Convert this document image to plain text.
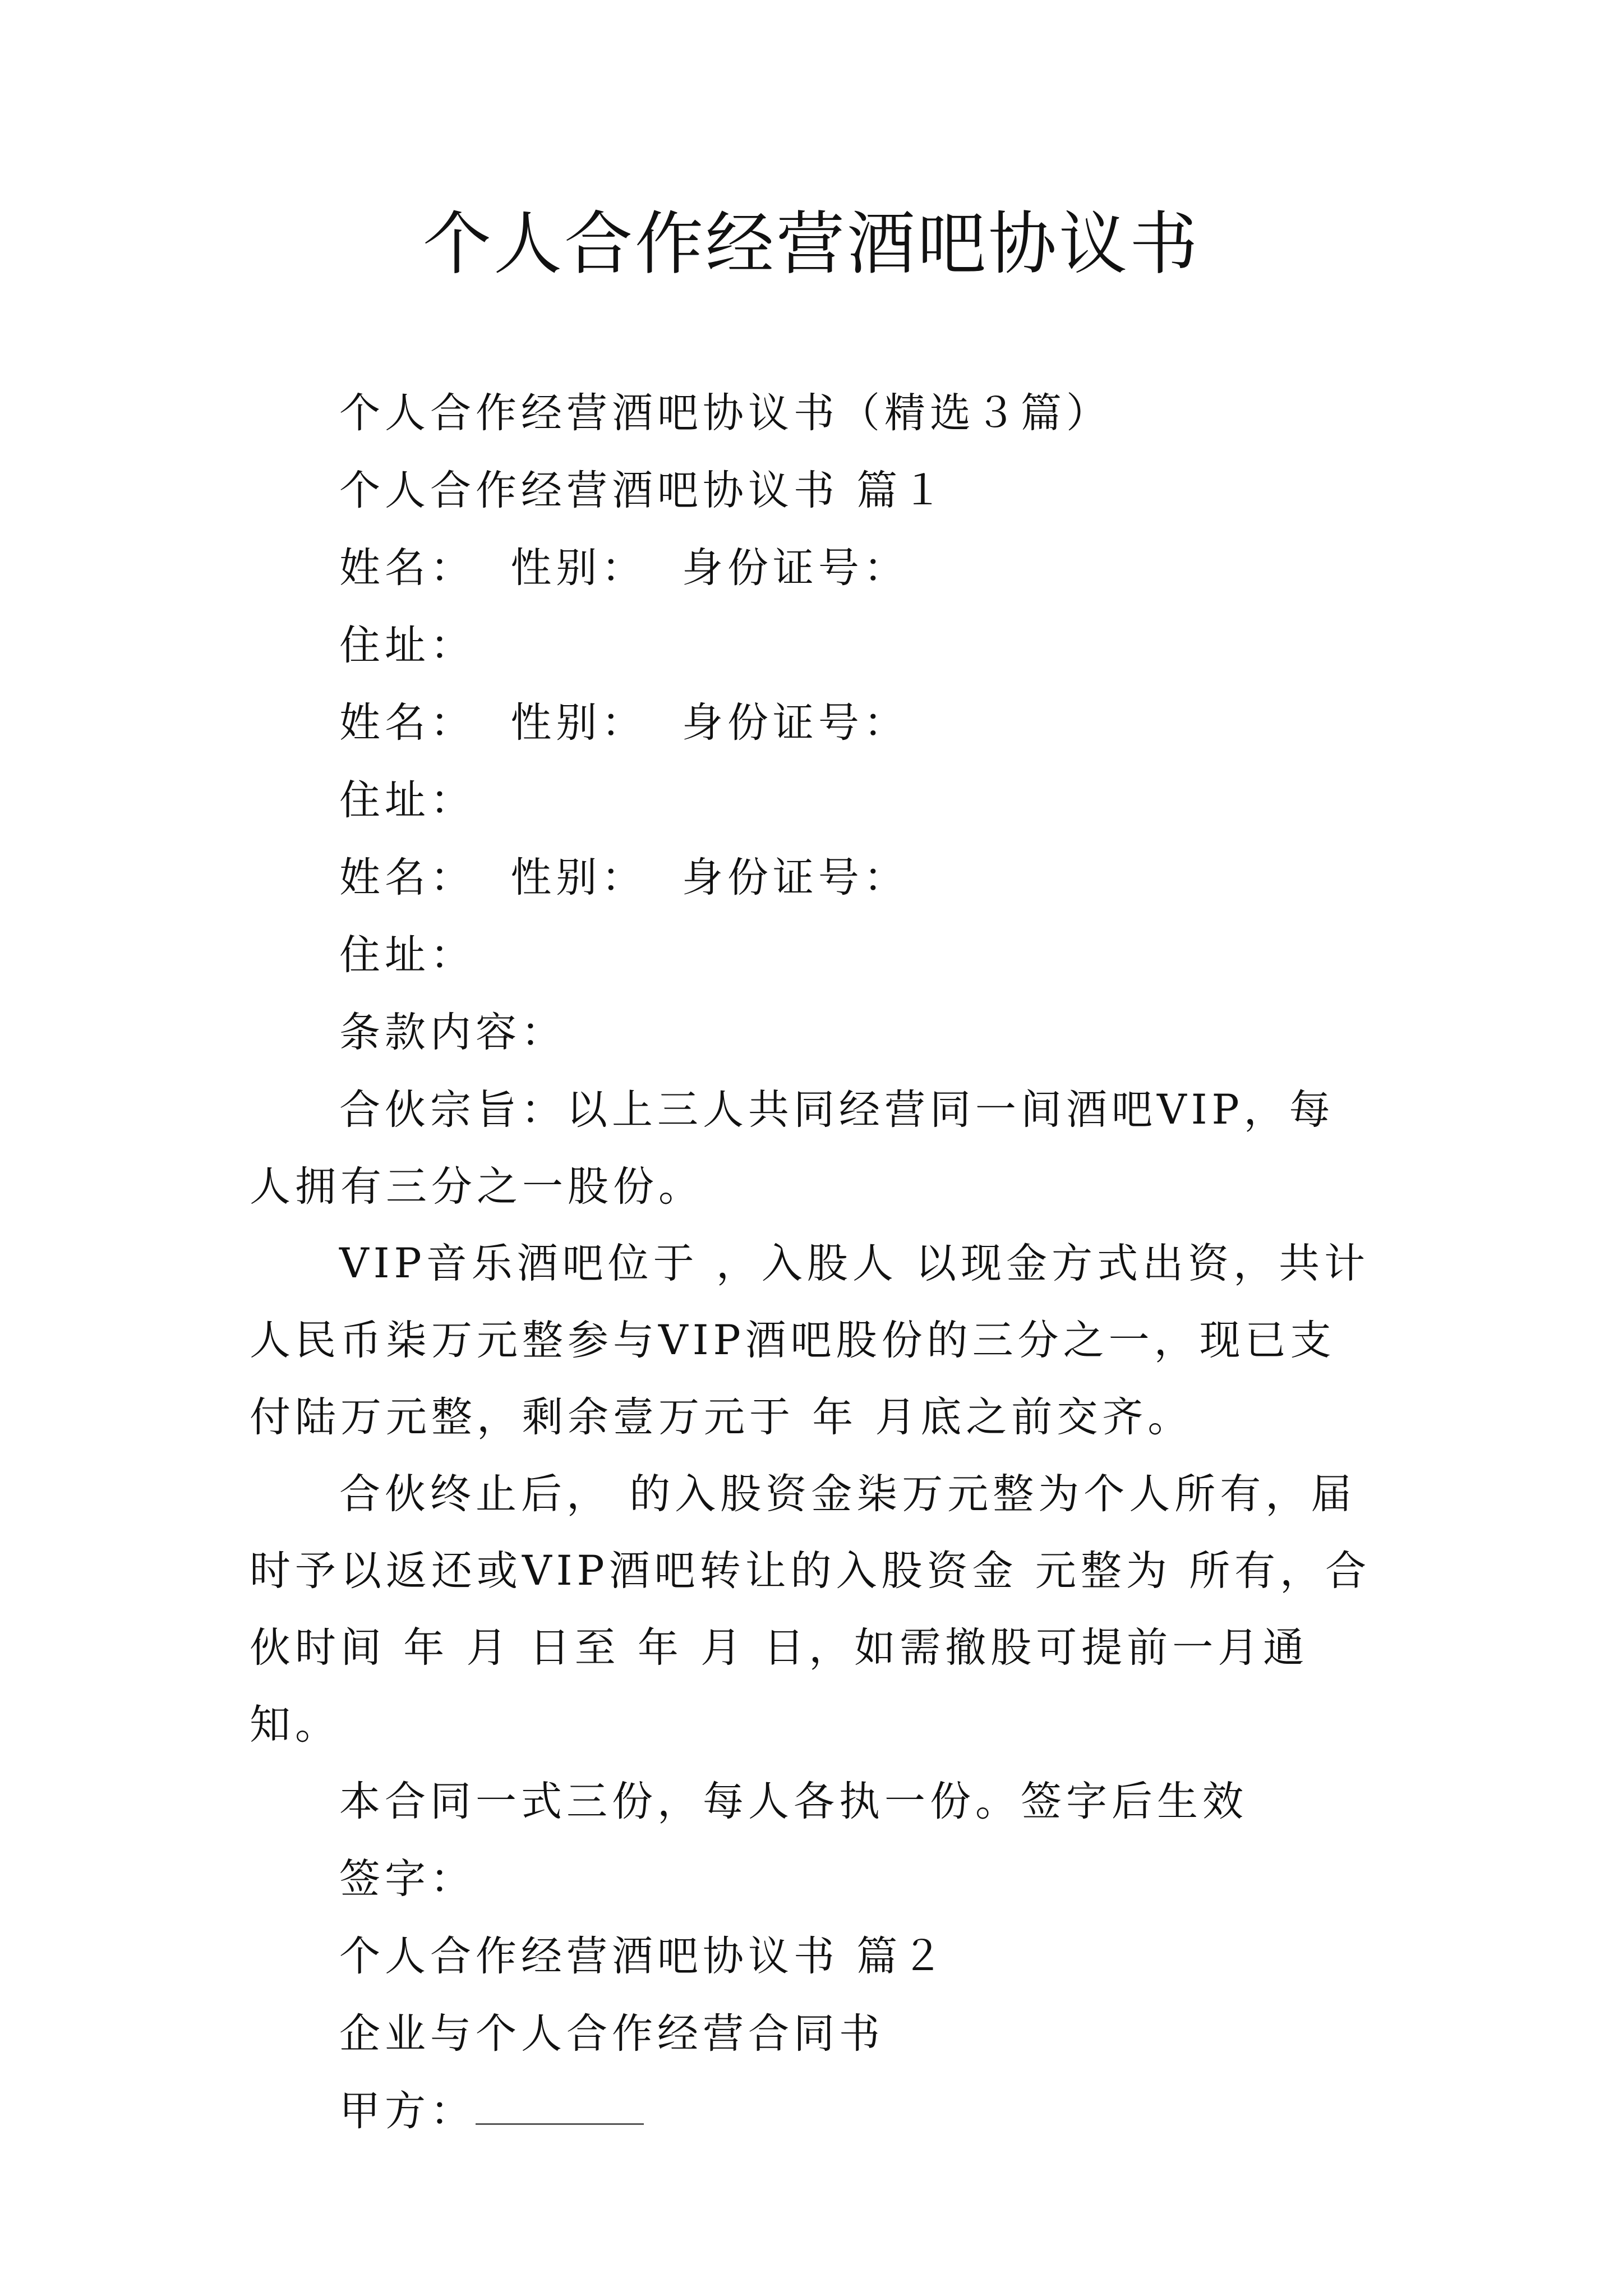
个人合作经营酒吧协议书
个人合作经营酒吧协议书（精选３篇）
个人合作经营酒吧协议书 篇１
姓名：  性别：  身份证号：
住址：
姓名：  性别：  身份证号：
住址：
姓名：  性别：  身份证号：
住址：
条款内容：

合伙宗旨：以上三人共同经营同一间酒吧VIP，每人拥有三分之一股份。

VIP音乐酒吧位于 ，入股人 以现金方式出资，共计人民币柒万元整参与VIP酒吧股份的三分之一，现已支付陆万元整，剩余壹万元于 年 月底之前交齐。

合伙终止后， 的入股资金柒万元整为个人所有，届时予以返还或VIP酒吧转让的入股资金 元整为 所有，合伙时间 年 月 日至 年 月 日，如需撤股可提前一月通知。

本合同一式三份，每人各执一份。签字后生效
签字：
个人合作经营酒吧协议书 篇２
企业与个人合作经营合同书
甲方：
